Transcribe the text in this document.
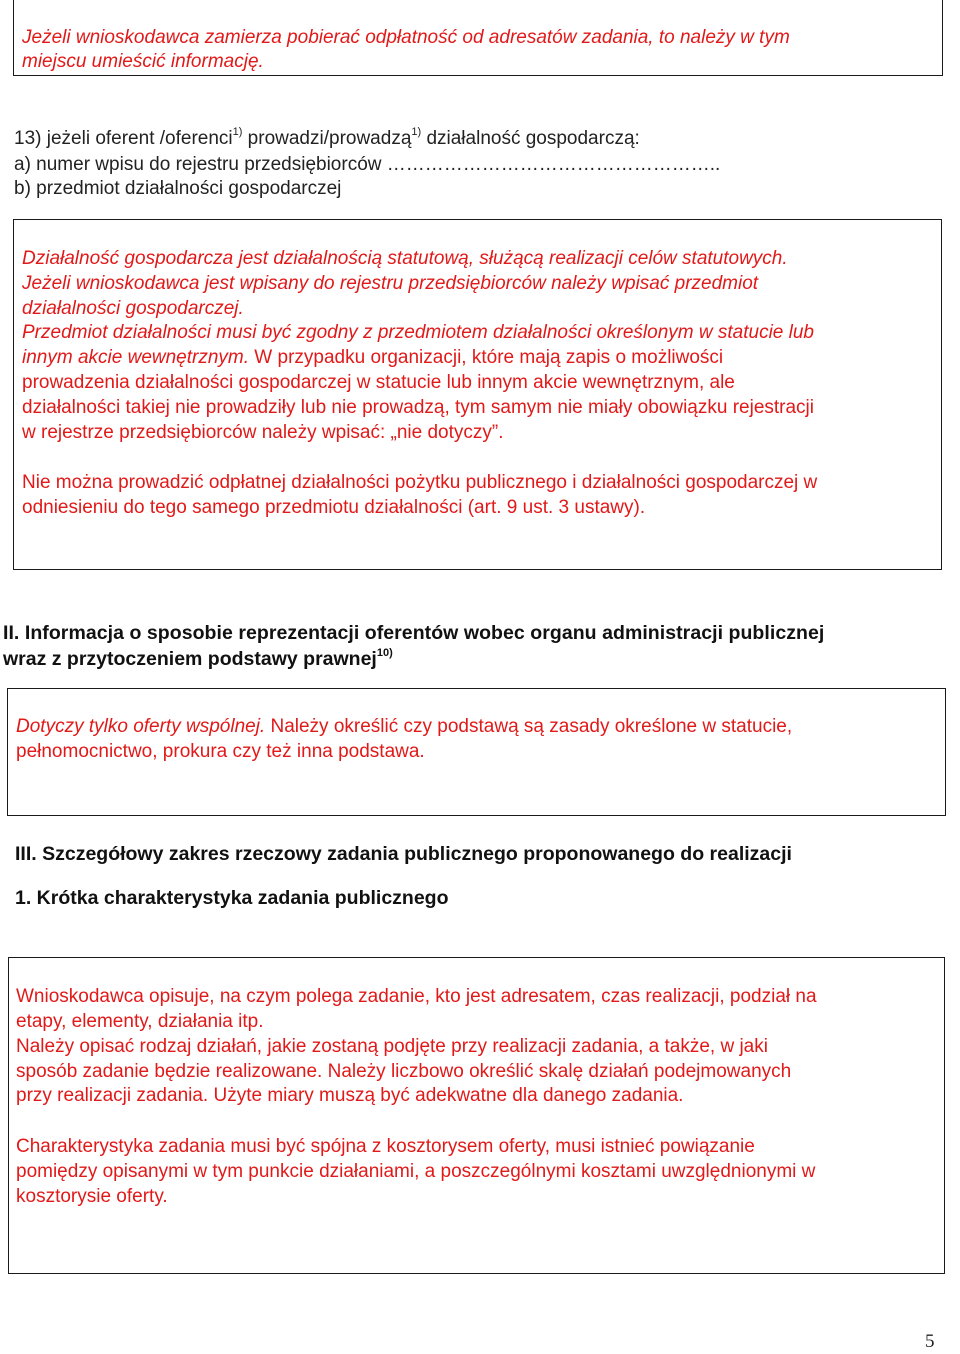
Jeżeli wnioskodawca zamierza pobierać odpłatność od adresatów zadania, to należy w tym
miejscu umieścić informację.
13) jeżeli oferent /oferenci$^{1)}$ prowadzi/prowadzą$^{1)}$ działalność gospodarczą:
a) numer wpisu do rejestru przedsiębiorców ……………………………………………..
b) przedmiot działalności gospodarczej
Działalność gospodarcza jest działalnością statutową, służącą realizacji celów statutowych.
Jeżeli wnioskodawca jest wpisany do rejestru przedsiębiorców należy wpisać przedmiot
działalności gospodarczej.
Przedmiot działalności musi być zgodny z przedmiotem działalności określonym w statucie lub
innym akcie wewnętrznym. W przypadku organizacji, które mają zapis o możliwości
prowadzenia działalności gospodarczej w statucie lub innym akcie wewnętrznym, ale
działalności takiej nie prowadziły lub nie prowadzą, tym samym nie miały obowiązku rejestracji
w rejestrze przedsiębiorców należy wpisać: „nie dotyczy”.
Nie można prowadzić odpłatnej działalności pożytku publicznego i działalności gospodarczej w
odniesieniu do tego samego przedmiotu działalności (art. 9 ust. 3 ustawy).
II. Informacja o sposobie reprezentacji oferentów wobec organu administracji publicznej
wraz z przytoczeniem podstawy prawnej$^{10)}$
Dotyczy tylko oferty wspólnej. Należy określić czy podstawą są zasady określone w statucie,
pełnomocnictwo, prokura czy też inna podstawa.
III. Szczegółowy zakres rzeczowy zadania publicznego proponowanego do realizacji
1. Krótka charakterystyka zadania publicznego
Wnioskodawca opisuje, na czym polega zadanie, kto jest adresatem, czas realizacji, podział na
etapy, elementy, działania itp.
Należy opisać rodzaj działań, jakie zostaną podjęte przy realizacji zadania, a także, w jaki
sposób zadanie będzie realizowane. Należy liczbowo określić skalę działań podejmowanych
przy realizacji zadania. Użyte miary muszą być adekwatne dla danego zadania.
Charakterystyka zadania musi być spójna z kosztorysem oferty, musi istnieć powiązanie
pomiędzy opisanymi w tym punkcie działaniami, a poszczególnymi kosztami uwzględnionymi w
kosztorysie oferty.
5
